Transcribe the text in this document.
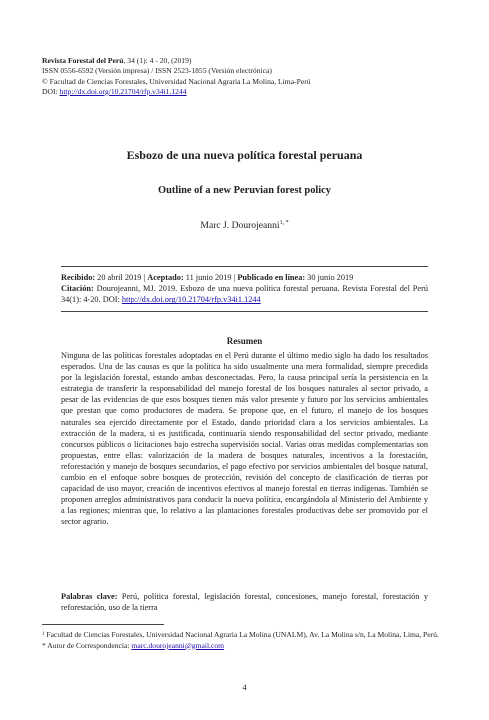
Revista Forestal del Perú, 34 (1): 4 - 20, (2019)
ISSN 0556-6592 (Versión impresa) / ISSN 2523-1855 (Versión electrónica)
© Facultad de Ciencias Forestales, Universidad Nacional Agraria La Molina, Lima-Perú
DOI: http://dx.doi.org/10.21704/rfp.v34i1.1244
Esbozo de una nueva política forestal peruana
Outline of a new Peruvian forest policy
Marc J. Dourojeanni$^{1, *}$
Recibido: 20 abril 2019 | Aceptado: 11 junio 2019 | Publicado en línea: 30 junio 2019
Citación: Dourojeanni, MJ. 2019. Esbozo de una nueva política forestal peruana. Revista Forestal del Perú 34(1): 4-20. DOI: http://dx.doi.org/10.21704/rfp.v34i1.1244
Resumen

Ninguna de las políticas forestales adoptadas en el Perú durante el último medio siglo ha dado los resultados esperados. Una de las causas es que la política ha sido usualmente una mera formalidad, siempre precedida por la legislación forestal, estando ambas desconectadas. Pero, la causa principal sería la persistencia en la estrategia de transferir la responsabilidad del manejo forestal de los bosques naturales al sector privado, a pesar de las evidencias de que esos bosques tienen más valor presente y futuro por los servicios ambientales que prestan que como productores de madera. Se propone que, en el futuro, el manejo de los bosques naturales sea ejercido directamente por el Estado, dando prioridad clara a los servicios ambientales. La extracción de la madera, si es justificada, continuaría siendo responsabilidad del sector privado, mediante concursos públicos o licitaciones bajo estrecha supervisión social. Varias otras medidas complementarias son propuestas, entre ellas: valorización de la madera de bosques naturales, incentivos a la forestación, reforestación y manejo de bosques secundarios, el pago efectivo por servicios ambientales del bosque natural, cambio en el enfoque sobre bosques de protección, revisión del concepto de clasificación de tierras por capacidad de uso mayor, creación de incentivos efectivos al manejo forestal en tierras indígenas. También se proponen arreglos administrativos para conducir la nueva política, encargándola al Ministerio del Ambiente y a las regiones; mientras que, lo relativo a las plantaciones forestales productivas debe ser promovido por el sector agrario.

Palabras clave: Perú, política forestal, legislación forestal, concesiones, manejo forestal, forestación y reforestación, uso de la tierra

$^1$ Facultad de Ciencias Forestales, Universidad Nacional Agraria La Molina (UNALM), Av. La Molina s/n, La Molina, Lima, Perú.

* Autor de Correspondencia: marc.dourojeanni@gmail.com

4
